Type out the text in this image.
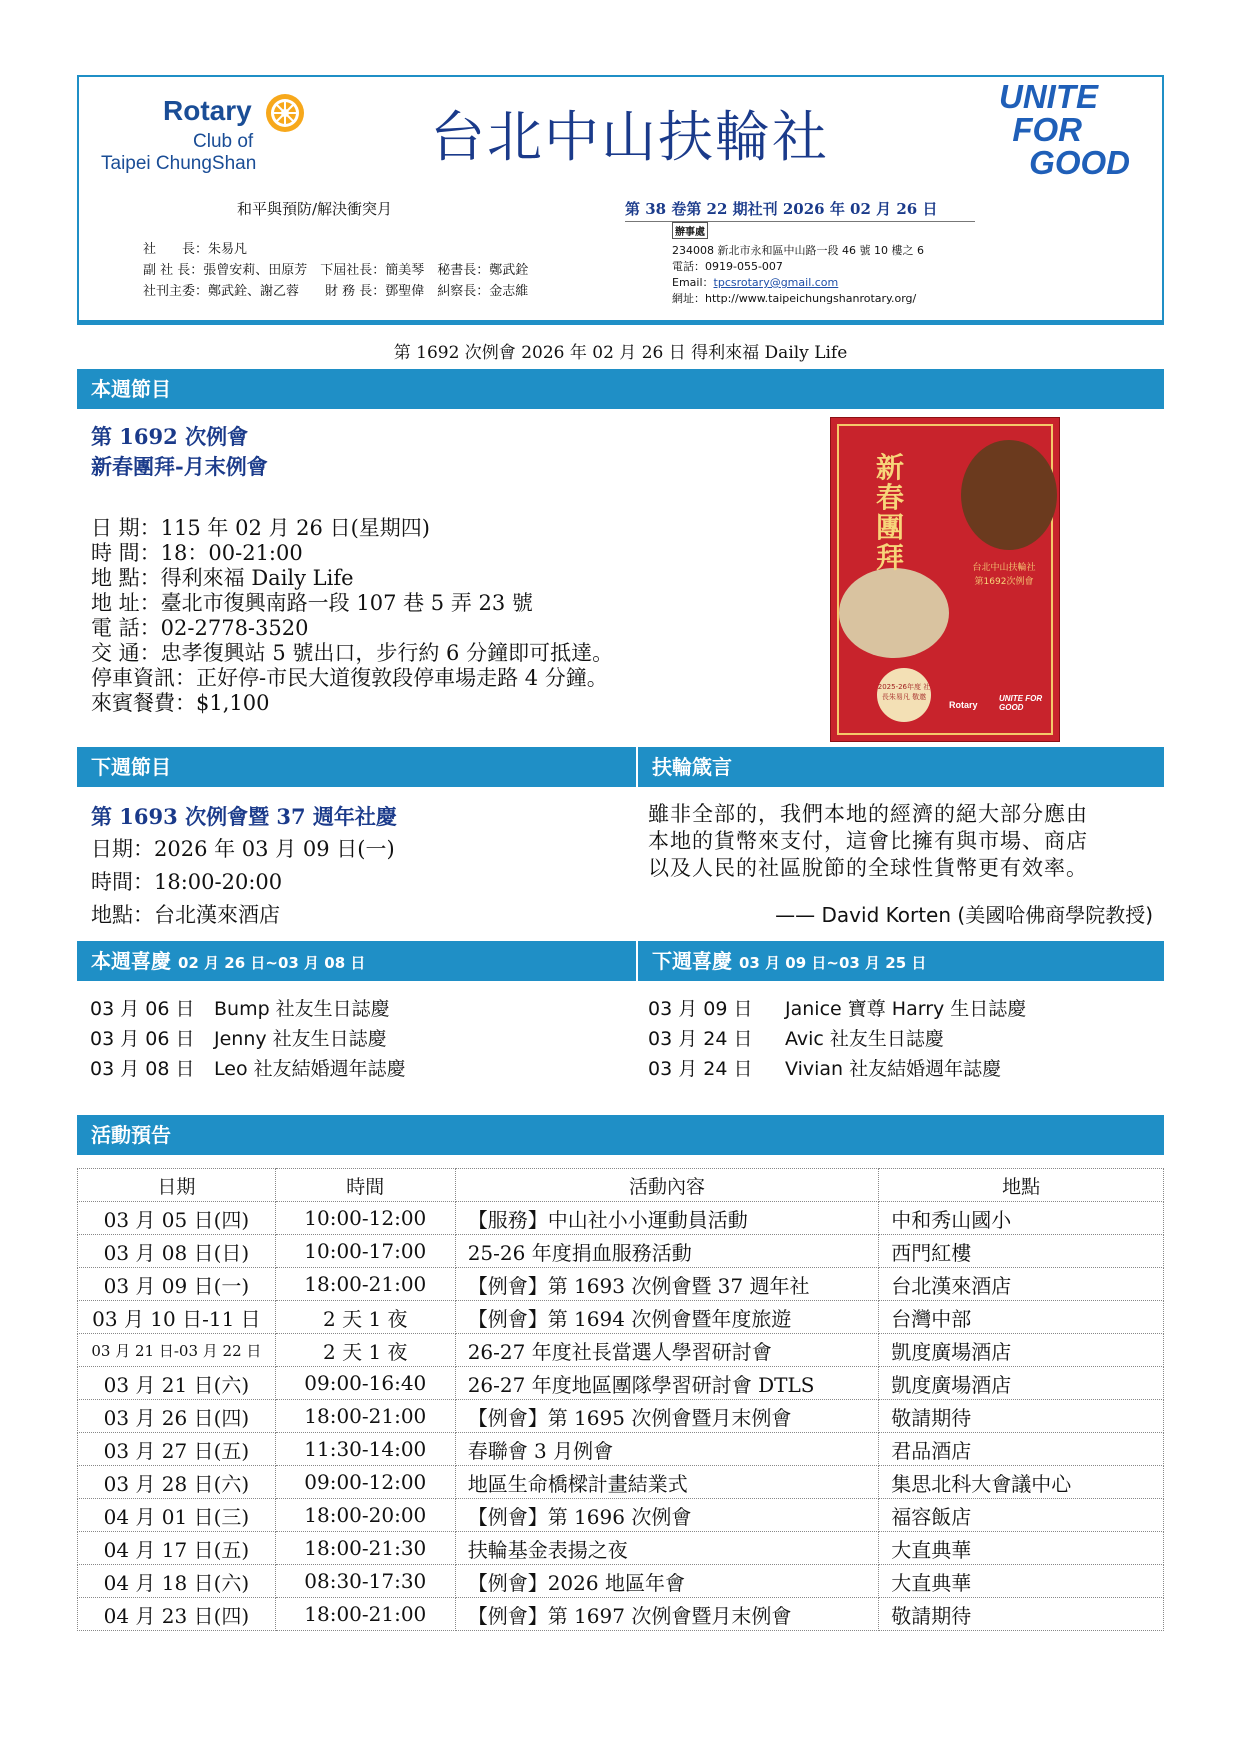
Rotary
Club of
Taipei ChungShan	台北中山扶輪社
UNITE
FOR
GOOD
和平與預防/解決衝突月	第 38 卷第 22 期社刊 2026 年 02 月 26 日
社　　長：朱易凡
副 社 長：張曾安莉、田原芳　下屆社長：簡美琴　秘書長：鄭武銓
社刊主委：鄭武銓、謝乙蓉　　財 務 長：鄧聖偉　糾察長：金志維
辦事處
234008 新北市永和區中山路一段 46 號 10 樓之 6
電話：0919-055-007
Email：tpcsrotary@gmail.com
網址：http://www.taipeichungshanrotary.org/
第 1692 次例會 2026 年 02 月 26 日 得利來福 Daily Life
本週節目
第 1692 次例會
新春團拜-月末例會
日 期：115 年 02 月 26 日(星期四)
時 間：18：00-21:00
地 點：得利來福 Daily Life
地 址：臺北市復興南路一段 107 巷 5 弄 23 號
電 話：02-2778-3520
交 通：忠孝復興站 5 號出口，步行約 6 分鐘即可抵達。
停車資訊：正好停-市民大道復敦段停車場走路 4 分鐘。
來賓餐費：$1,100
新春團拜	台北中山扶輪社
第1692次例會
2025-26年度 社長朱易凡 敬邀
Rotary
UNITE FOR GOOD
下週節目	扶輪箴言
第 1693 次例會暨 37 週年社慶
日期：2026 年 03 月 09 日(一)
時間：18:00-20:00
地點：台北漢來酒店
雖非全部的，我們本地的經濟的絕大部分應由
本地的貨幣來支付，這會比擁有與市場、商店
以及人民的社區脫節的全球性貨幣更有效率。
—— David Korten (美國哈佛商學院教授)
本週喜慶 02 月 26 日~03 月 08 日	下週喜慶 03 月 09 日~03 月 25 日
03 月 06 日 Bump 社友生日誌慶
03 月 06 日 Jenny 社友生日誌慶
03 月 08 日 Leo 社友結婚週年誌慶
03 月 09 日 Janice 寶尊 Harry 生日誌慶
03 月 24 日 Avic 社友生日誌慶
03 月 24 日 Vivian 社友結婚週年誌慶
活動預告
日期	時間	活動內容	地點
03 月 05 日(四)	10:00-12:00	【服務】中山社小小運動員活動	中和秀山國小
03 月 08 日(日)	10:00-17:00	25-26 年度捐血服務活動	西門紅樓
03 月 09 日(一)	18:00-21:00	【例會】第 1693 次例會暨 37 週年社	台北漢來酒店
03 月 10 日-11 日	2 天 1 夜	【例會】第 1694 次例會暨年度旅遊	台灣中部
03 月 21 日-03 月 22 日	2 天 1 夜	26-27 年度社長當選人學習研討會	凱度廣場酒店
03 月 21 日(六)	09:00-16:40	26-27 年度地區團隊學習研討會 DTLS	凱度廣場酒店
03 月 26 日(四)	18:00-21:00	【例會】第 1695 次例會暨月末例會	敬請期待
03 月 27 日(五)	11:30-14:00	春聯會 3 月例會	君品酒店
03 月 28 日(六)	09:00-12:00	地區生命橋樑計畫結業式	集思北科大會議中心
04 月 01 日(三)	18:00-20:00	【例會】第 1696 次例會	福容飯店
04 月 17 日(五)	18:00-21:30	扶輪基金表揚之夜	大直典華
04 月 18 日(六)	08:30-17:30	【例會】2026 地區年會	大直典華
04 月 23 日(四)	18:00-21:00	【例會】第 1697 次例會暨月末例會	敬請期待
